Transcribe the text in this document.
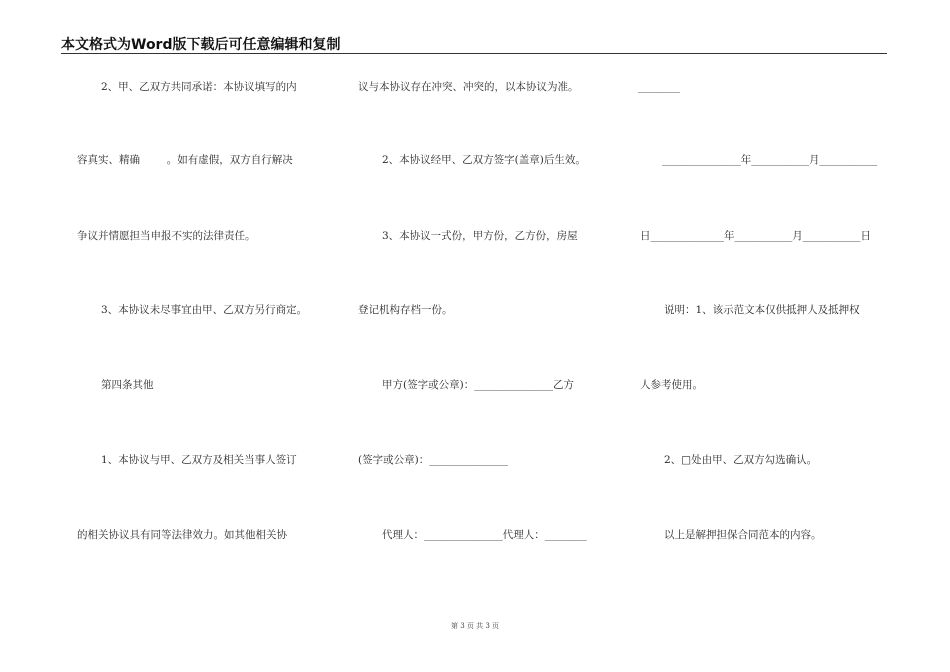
本文格式为Word版下载后可任意编辑和复制
2、甲、乙双方共同承诺：本协议填写的内
容真实、精确        。如有虚假，双方自行解决
争议并情愿担当申报不实的法律责任。
3、本协议未尽事宜由甲、乙双方另行商定。
第四条其他
1、本协议与甲、乙双方及相关当事人签订
的相关协议具有同等法律效力。如其他相关协
议与本协议存在冲突、冲突的，以本协议为准。
2、本协议经甲、乙双方签字(盖章)后生效。
3、本协议一式份，甲方份，乙方份，房屋
登记机构存档一份。
甲方(签字或公章)：_______________乙方
(签字或公章)：_______________
代理人：_______________代理人：________
________
_______________年___________月___________
日______________年___________月___________日
说明：1、该示范文本仅供抵押人及抵押权
人参考使用。
2、□处由甲、乙双方勾选确认。
以上是解押担保合同范本的内容。
第 3 页 共 3 页
